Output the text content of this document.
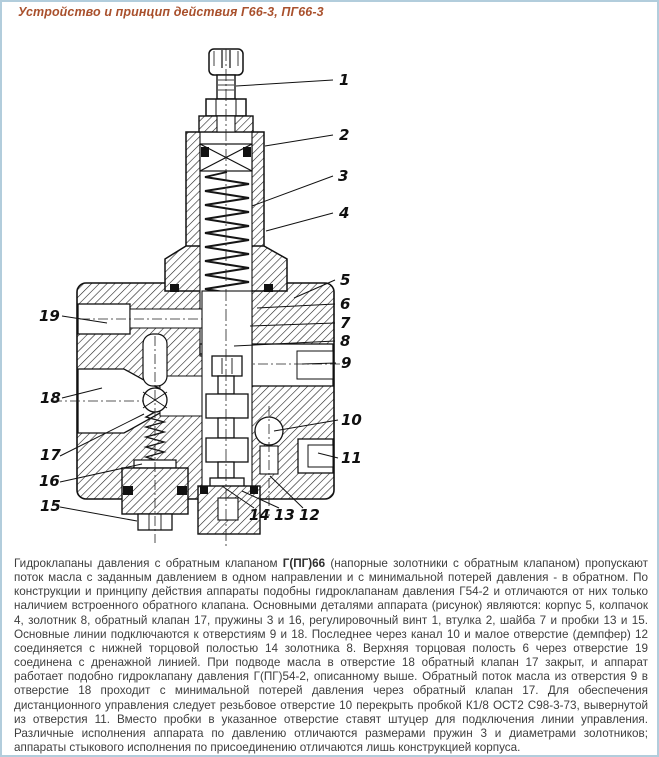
Устройство и принцип действия Г66-3, ПГ66-3
1
2
3
4
5
6
7
8
9
10
11
12
13
14
15
16
17
18
19
Гидроклапаны давления с обратным клапаном Г(ПГ)66 (напорные золотники с обратным клапаном) пропускают поток масла с заданным давлением в одном направлении и с минимальной потерей давления - в обратном. По конструкции и принципу действия аппараты подобны гидроклапанам давления Г54-2 и отличаются от них только наличием встроенного обратного клапана. Основными деталями аппарата (рисунок) являются: корпус 5, колпачок 4, золотник 8, обратный клапан 17, пружины 3 и 16, регулировочный винт 1, втулка 2, шайба 7 и пробки 13 и 15. Основные линии подключаются к отверстиям 9 и 18. Последнее через канал 10 и малое отверстие (демпфер) 12 соединяется с нижней торцовой полостью 14 золотника 8. Верхняя торцовая полость 6 через отверстие 19 соединена с дренажной линией. При подводе масла в отверстие 18 обратный клапан 17 закрыт, и аппарат работает подобно гидроклапану давления Г(ПГ)54-2, описанному выше. Обратный поток масла из отверстия 9 в отверстие 18 проходит с минимальной потерей давления через обратный клапан 17. Для обеспечения дистанционного управления следует резьбовое отверстие 10 перекрыть пробкой К1/8 ОСТ2 С98-3-73, вывернутой из отверстия 11. Вместо пробки в указанное отверстие ставят штуцер для подключения линии управления. Различные исполнения аппарата по давлению отличаются размерами пружин 3 и диаметрами золотников; аппараты стыкового исполнения по присоединению отличаются лишь конструкцией корпуса.
